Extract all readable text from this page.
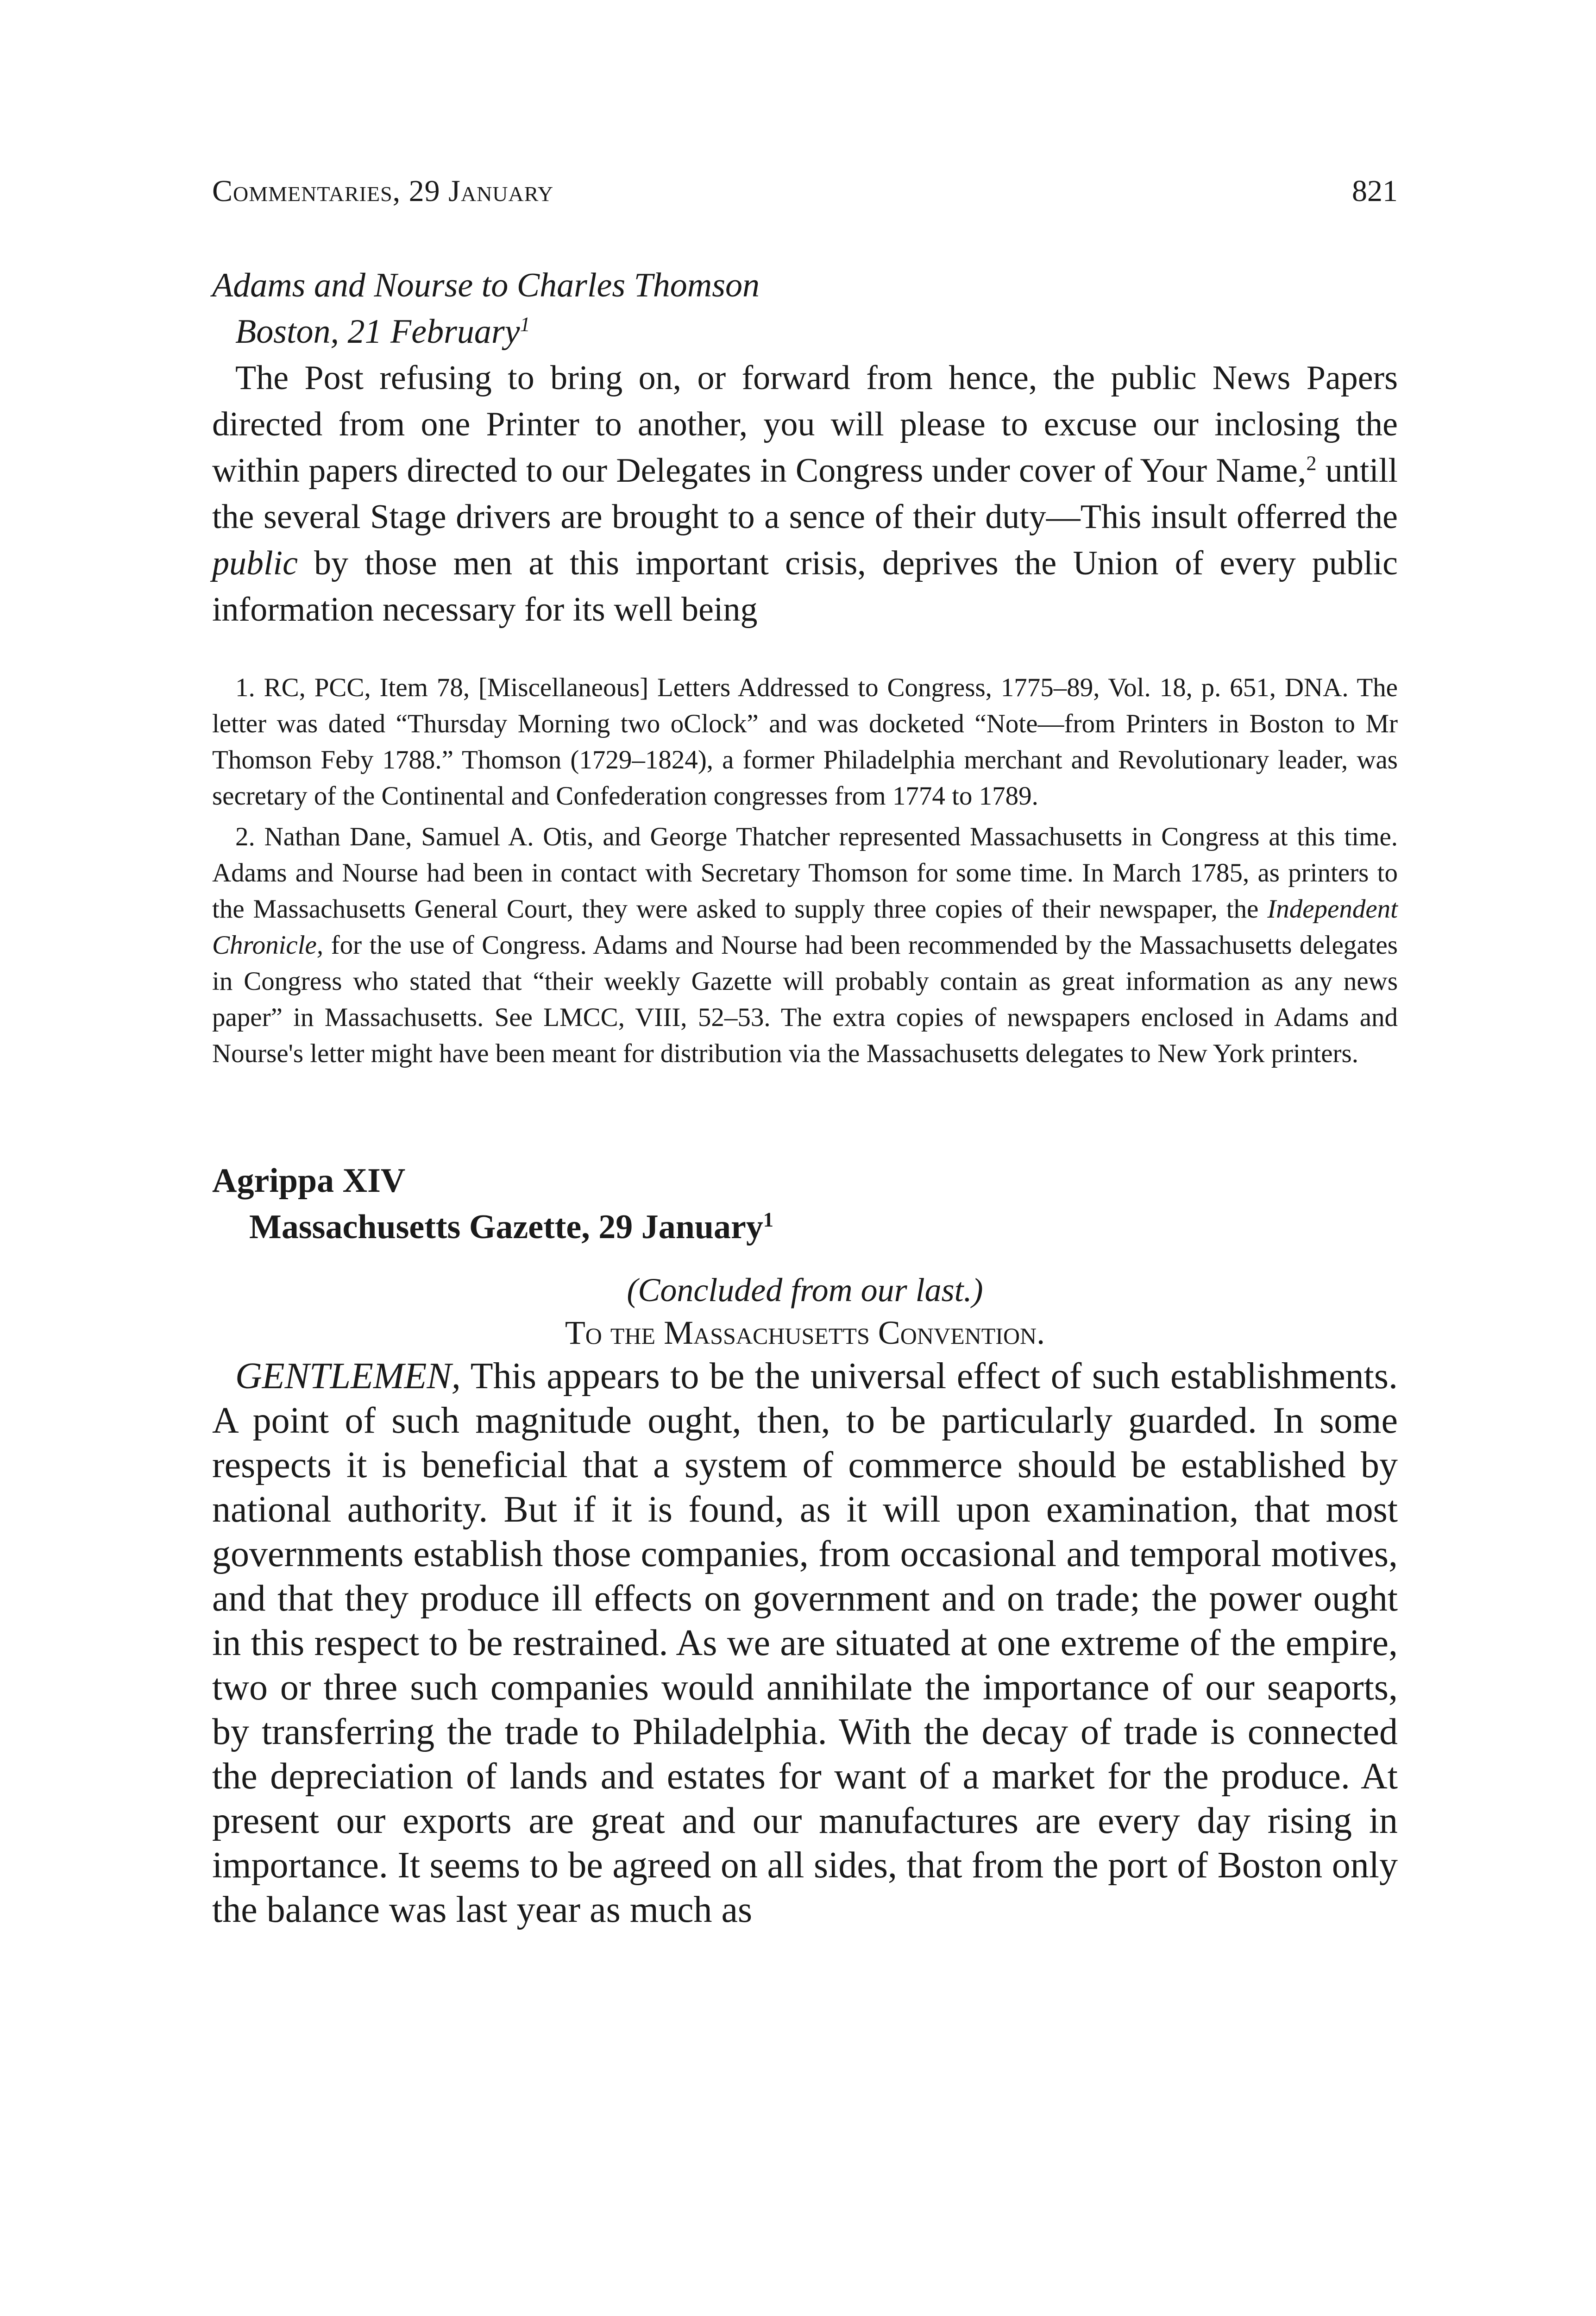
Commentaries, 29 January	821
Adams and Nourse to Charles Thomson
Boston, 21 February$^1$

The Post refusing to bring on, or forward from hence, the public News Papers directed from one Printer to another, you will please to excuse our inclosing the within papers directed to our Delegates in Congress under cover of Your Name,$^2$ untill the several Stage drivers are brought to a sence of their duty—This insult offerred the public by those men at this important crisis, deprives the Union of every public information necessary for its well being

1. RC, PCC, Item 78, [Miscellaneous] Letters Addressed to Congress, 1775–89, Vol. 18, p. 651, DNA. The letter was dated “Thursday Morning two oClock” and was docketed “Note—from Printers in Boston to Mr Thomson Feby 1788.” Thomson (1729–1824), a former Philadelphia merchant and Revolutionary leader, was secretary of the Continental and Confederation congresses from 1774 to 1789.

2. Nathan Dane, Samuel A. Otis, and George Thatcher represented Massachusetts in Congress at this time. Adams and Nourse had been in contact with Secretary Thomson for some time. In March 1785, as printers to the Massachusetts General Court, they were asked to supply three copies of their newspaper, the Independent Chronicle, for the use of Congress. Adams and Nourse had been recommended by the Massachusetts delegates in Congress who stated that “their weekly Gazette will probably contain as great information as any news paper” in Massachusetts. See LMCC, VIII, 52–53. The extra copies of newspapers enclosed in Adams and Nourse's letter might have been meant for distribution via the Massachusetts delegates to New York printers.

Agrippa XIV
Massachusetts Gazette, 29 January$^1$
(Concluded from our last.)
To the Massachusetts Convention.

GENTLEMEN, This appears to be the universal effect of such establishments. A point of such magnitude ought, then, to be particularly guarded. In some respects it is beneficial that a system of commerce should be established by national authority. But if it is found, as it will upon examination, that most governments establish those companies, from occasional and temporal motives, and that they produce ill effects on government and on trade; the power ought in this respect to be restrained. As we are situated at one extreme of the empire, two or three such companies would annihilate the importance of our seaports, by transferring the trade to Philadelphia. With the decay of trade is connected the depreciation of lands and estates for want of a market for the produce. At present our exports are great and our manufactures are every day rising in importance. It seems to be agreed on all sides, that from the port of Boston only the balance was last year as much as
